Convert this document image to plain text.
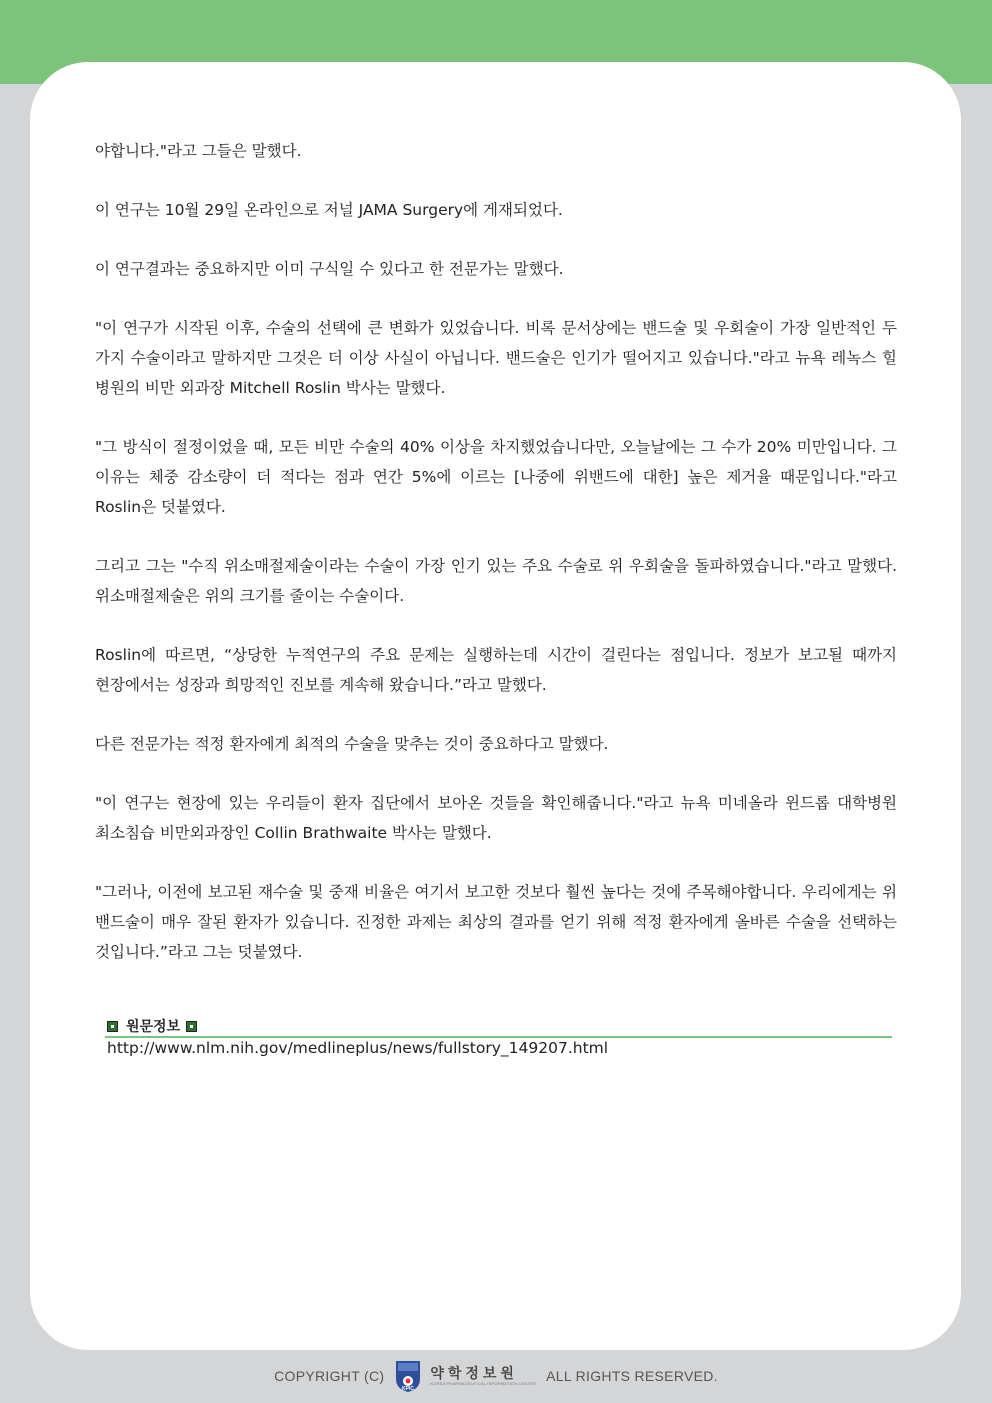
야합니다."라고 그들은 말했다.

이 연구는 10월 29일 온라인으로 저널 JAMA Surgery에 게재되었다.

이 연구결과는 중요하지만 이미 구식일 수 있다고 한 전문가는 말했다.

"이 연구가 시작된 이후, 수술의 선택에 큰 변화가 있었습니다. 비록 문서상에는 밴드술 및 우회술이 가장 일반적인 두 가지 수술이라고 말하지만 그것은 더 이상 사실이 아닙니다. 밴드술은 인기가 떨어지고 있습니다."라고 뉴욕 레녹스 힐 병원의 비만 외과장 Mitchell Roslin 박사는 말했다.

"그 방식이 절정이었을 때, 모든 비만 수술의 40% 이상을 차지했었습니다만, 오늘날에는 그 수가 20% 미만입니다. 그 이유는 체중 감소량이 더 적다는 점과 연간 5%에 이르는 [나중에 위밴드에 대한] 높은 제거율 때문입니다."라고 Roslin은 덧붙였다.

그리고 그는 "수직 위소매절제술이라는 수술이 가장 인기 있는 주요 수술로 위 우회술을 돌파하였습니다."라고 말했다. 위소매절제술은 위의 크기를 줄이는 수술이다.

Roslin에 따르면, “상당한 누적연구의 주요 문제는 실행하는데 시간이 걸린다는 점입니다. 정보가 보고될 때까지 현장에서는 성장과 희망적인 진보를 계속해 왔습니다.”라고 말했다.

다른 전문가는 적정 환자에게 최적의 수술을 맞추는 것이 중요하다고 말했다.

"이 연구는 현장에 있는 우리들이 환자 집단에서 보아온 것들을 확인해줍니다."라고 뉴욕 미네올라 윈드롭 대학병원 최소침습 비만외과장인 Collin Brathwaite 박사는 말했다.

"그러나, 이전에 보고된 재수술 및 중재 비율은 여기서 보고한 것보다 훨씬 높다는 것에 주목해야합니다. 우리에게는 위 밴드술이 매우 잘된 환자가 있습니다. 진정한 과제는 최상의 결과를 얻기 위해 적정 환자에게 올바른 수술을 선택하는 것입니다.”라고 그는 덧붙였다.

원문정보
http://www.nlm.nih.gov/medlineplus/news/fullstory_149207.html
COPYRIGHT (C)
KPIC
약학정보원
KOREA PHARMACEUTICAL INFORMATION CENTER ALL RIGHTS RESERVED.
